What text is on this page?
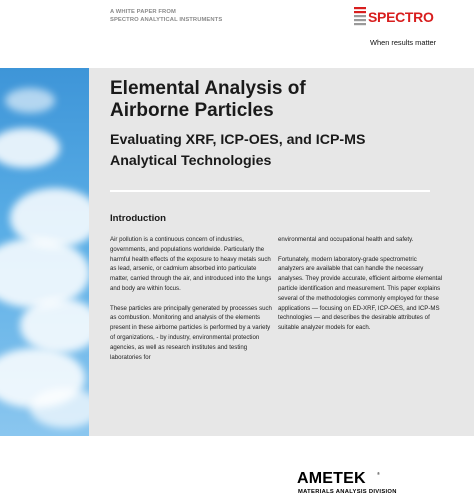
A WHITE PAPER FROM
SPECTRO ANALYTICAL INSTRUMENTS	SPECTRO
When results matter
Elemental Analysis of
Airborne Particles
Evaluating XRF, ICP-OES, and ICP-MS
Analytical Technologies
Introduction

Air pollution is a continuous concern of industries, governments, and populations worldwide. Particularly the harmful health effects of the exposure to heavy metals such as lead, arsenic, or cadmium absorbed into particulate matter, carried through the air, and introduced into the lungs and body are within focus.

These particles are principally generated by processes such as combustion. Monitoring and analysis of the elements present in these airborne particles is performed by a variety of organizations, - by industry, environmental protection agencies, as well as research institutes and testing laboratories for

environmental and occupational health and safety.

Fortunately, modern laboratory-grade spectrometric analyzers are available that can handle the necessary analyses. They provide accurate, efficient airborne elemental particle identification and measurement. This paper explains several of the methodologies commonly employed for these applications — focusing on ED-XRF, ICP-OES, and ICP-MS technologies — and describes the desirable attributes of suitable analyzer models for each.

AMETEK	®
MATERIALS ANALYSIS DIVISION
